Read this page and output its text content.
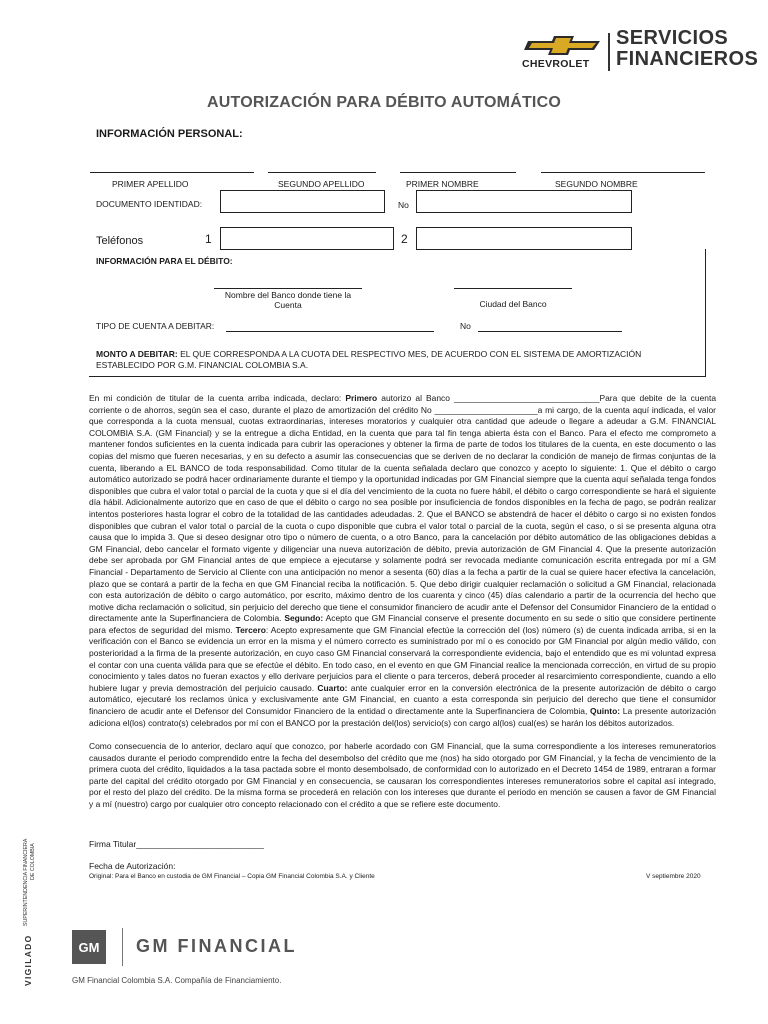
CHEVROLET
SERVICIOS
FINANCIEROS
AUTORIZACIÓN PARA DÉBITO AUTOMÁTICO
INFORMACIÓN PERSONAL:
PRIMER APELLIDO	SEGUNDO APELLIDO	PRIMER NOMBRE	SEGUNDO NOMBRE
DOCUMENTO IDENTIDAD:	No
Teléfonos	1	2
INFORMACIÓN PARA EL DÉBITO:
Nombre del Banco donde tiene la Cuenta	Ciudad del Banco
TIPO DE CUENTA A DEBITAR:	No
MONTO A DEBITAR: EL QUE CORRESPONDA A LA CUOTA DEL RESPECTIVO MES, DE ACUERDO CON EL SISTEMA DE AMORTIZACIÓN ESTABLECIDO POR G.M. FINANCIAL COLOMBIA S.A.
En mi condición de titular de la cuenta arriba indicada, declaro: Primero autorizo al Banco _______________________________Para que debite de la cuenta corriente o de ahorros, según sea el caso, durante el plazo de amortización del crédito No ______________________a mi cargo, de la cuenta aquí indicada, el valor que corresponda a la cuota mensual, cuotas extraordinarias, intereses moratorios y cualquier otra cantidad que adeude o llegare a adeudar a G.M. FINANCIAL COLOMBIA S.A. (GM Financial) y se la entregue a dicha Entidad, en la cuenta que para tal fin tenga abierta ésta con el Banco. Para el efecto me comprometo a mantener fondos suficientes en la cuenta indicada para cubrir las operaciones y obtener la firma de parte de todos los titulares de la cuenta, en este documento o las copias del mismo que fueren necesarias, y en su defecto a asumir las consecuencias que se deriven de no declarar la condición de manejo de firmas conjuntas de la cuenta, liberando a EL BANCO de toda responsabilidad. Como titular de la cuenta señalada declaro que conozco y acepto lo siguiente: 1. Que el débito o cargo automático autorizado se podrá hacer ordinariamente durante el tiempo y la oportunidad indicadas por GM Financial siempre que la cuenta aquí señalada tenga fondos disponibles que cubra el valor total o parcial de la cuota y que si el día del vencimiento de la cuota no fuere hábil, el débito o cargo correspondiente se hará el siguiente día hábil. Adicionalmente autorizo que en caso de que el débito o cargo no sea posible por insuficiencia de fondos disponibles en la fecha de pago, se podrán realizar intentos posteriores hasta lograr el cobro de la totalidad de las cantidades adeudadas. 2. Que el BANCO se abstendrá de hacer el débito o cargo si no existen fondos disponibles que cubran el valor total o parcial de la cuota o cupo disponible que cubra el valor total o parcial de la cuota, según el caso, o si se presenta alguna otra causa que lo impida 3. Que si deseo designar otro tipo o número de cuenta, o a otro Banco, para la cancelación por débito automático de las obligaciones debidas a GM Financial, debo cancelar el formato vigente y diligenciar una nueva autorización de débito, previa autorización de GM Financial 4. Que la presente autorización debe ser aprobada por GM Financial antes de que empiece a ejecutarse y solamente podrá ser revocada mediante comunicación escrita entregada por mí a GM Financial - Departamento de Servicio al Cliente con una anticipación no menor a sesenta (60) días a la fecha a partir de la cual se quiere hacer efectiva la cancelación, plazo que se contará a partir de la fecha en que GM Financial reciba la notificación. 5. Que debo dirigir cualquier reclamación o solicitud a GM Financial, relacionada con esta autorización de débito o cargo automático, por escrito, máximo dentro de los cuarenta y cinco (45) días calendario a partir de la ocurrencia del hecho que motive dicha reclamación o solicitud, sin perjuicio del derecho que tiene el consumidor financiero de acudir ante el Defensor del Consumidor Financiero de la entidad o directamente ante la Superfinanciera de Colombia. Segundo: Acepto que GM Financial conserve el presente documento en su sede o sitio que considere pertinente para efectos de seguridad del mismo. Tercero: Acepto expresamente que GM Financial efectúe la corrección del (los) número (s) de cuenta indicada arriba, si en la verificación con el Banco se evidencia un error en la misma y el número correcto es suministrado por mí o es conocido por GM Financial por algún medio válido, con posterioridad a la firma de la presente autorización, en cuyo caso GM Financial conservará la correspondiente evidencia, bajo el entendido que es mi voluntad expresa el contar con una cuenta válida para que se efectúe el débito. En todo caso, en el evento en que GM Financial realice la mencionada corrección, en virtud de su propio conocimiento y tales datos no fueran exactos y ello derivare perjuicios para el cliente o para terceros, deberá proceder al resarcimiento correspondiente, cuando a ello hubiere lugar y previa demostración del perjuicio causado. Cuarto: ante cualquier error en la conversión electrónica de la presente autorización de débito o cargo automático, ejecutaré los reclamos única y exclusivamente ante GM Financial, en cuanto a esta corresponda sin perjuicio del derecho que tiene el consumidor financiero de acudir ante el Defensor del Consumidor Financiero de la entidad o directamente ante la Superfinanciera de Colombia, Quinto: La presente autorización adiciona el(los) contrato(s) celebrados por mí con el BANCO por la prestación del(los) servicio(s) con cargo al(los) cual(es) se harán los débitos autorizados.
Como consecuencia de lo anterior, declaro aquí que conozco, por haberle acordado con GM Financial, que la suma correspondiente a los intereses remuneratorios causados durante el periodo comprendido entre la fecha del desembolso del crédito que me (nos) ha sido otorgado por GM Financial, y la fecha de vencimiento de la primera cuota del crédito, liquidados a la tasa pactada sobre el monto desembolsado, de conformidad con lo autorizado en el Decreto 1454 de 1989, entraran a formar parte del capital del crédito otorgado por GM Financial y en consecuencia, se causaran los correspondientes intereses remuneratorios sobre el capital así integrado, por el resto del plazo del crédito. De la misma forma se procederá en relación con los intereses que durante el periodo en mención se causen a favor de GM Financial y a mí (nuestro) cargo por cualquier otro concepto relacionado con el crédito a que se refiere este documento.
Firma Titular___________________________
Fecha de Autorización:
Original: Para el Banco en custodia de GM Financial – Copia GM Financial Colombia S.A. y Cliente	V septiembre 2020
VIGILADO
SUPERINTENDENCIA FINANCIERA DE COLOMBIA
GM	GM FINANCIAL
GM Financial Colombia S.A. Compañía de Financiamiento.
